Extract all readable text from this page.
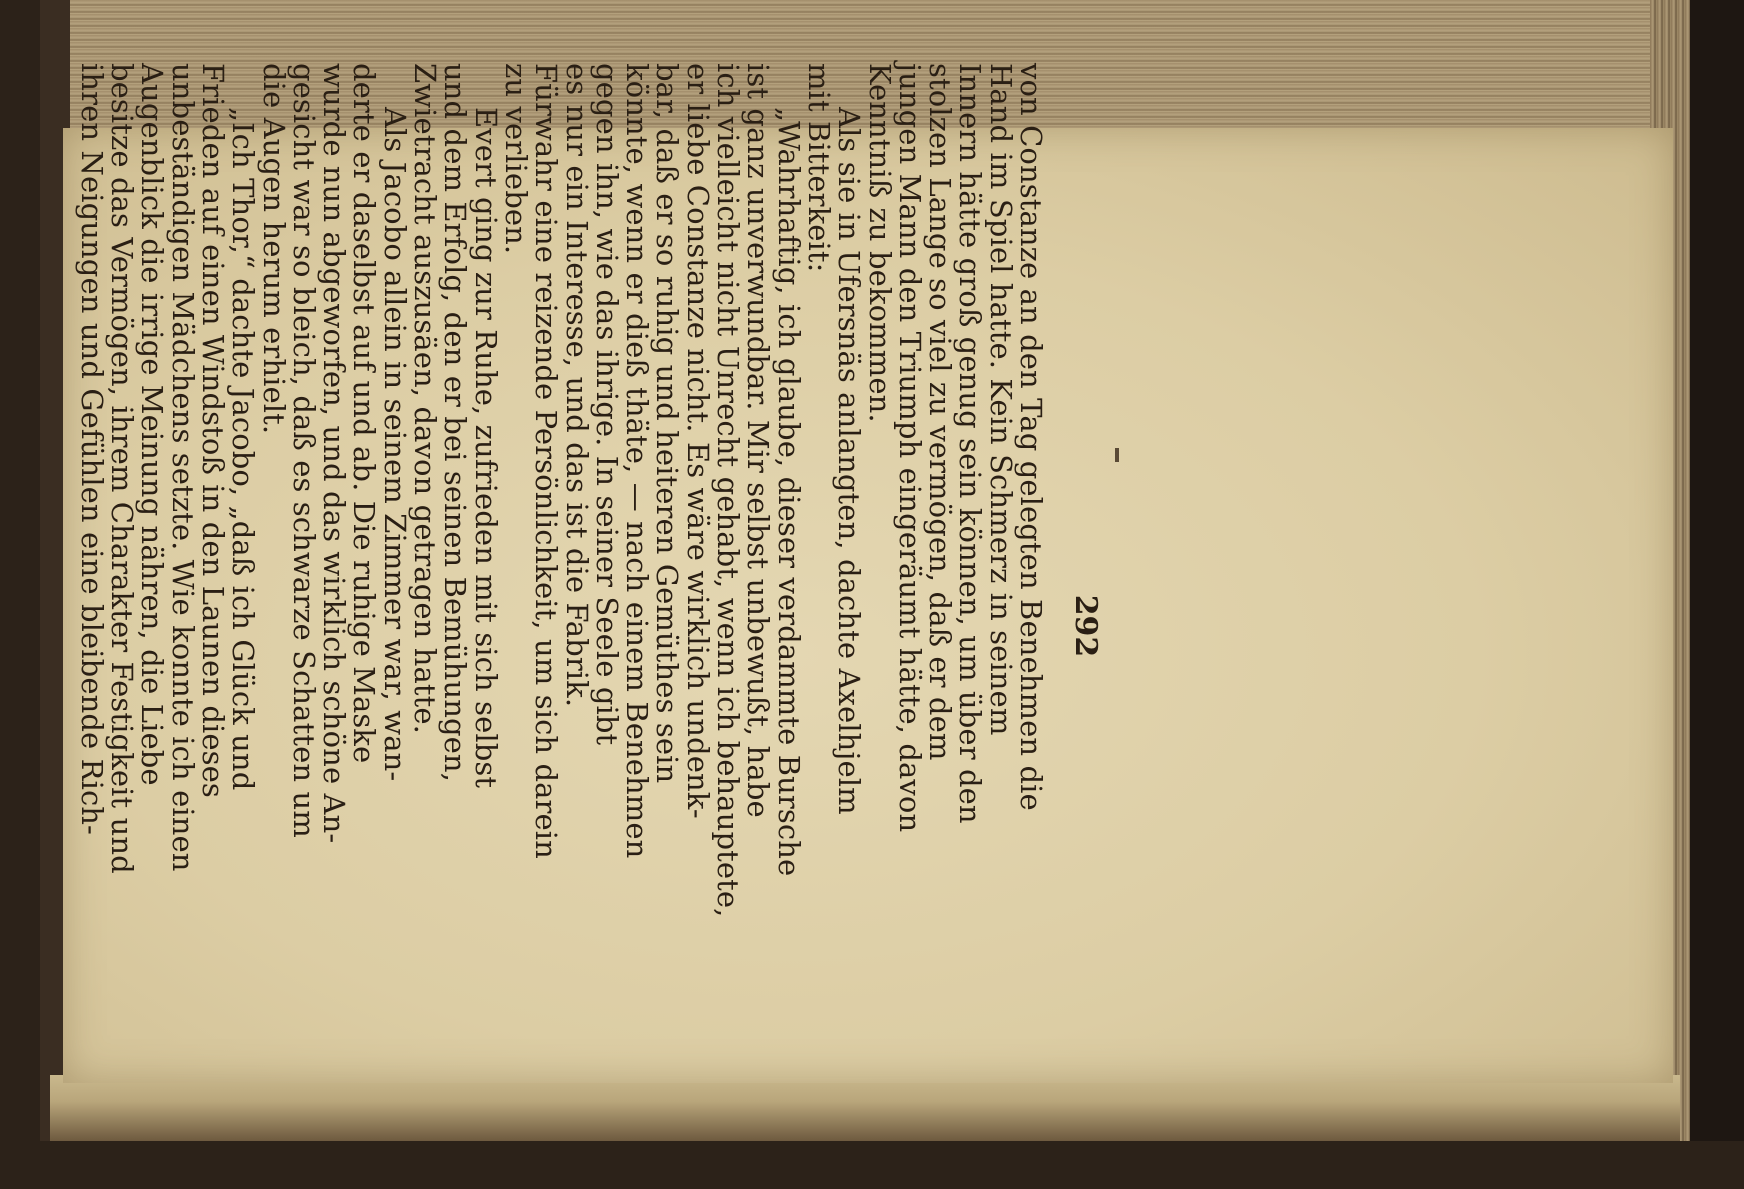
292
von Constanze an den Tag gelegten Benehmen die
Hand im Spiel hatte. Kein Schmerz in seinem
Innern hätte groß genug sein können, um über den
stolzen Lange so viel zu vermögen, daß er dem
jungen Mann den Triumph eingeräumt hätte, davon
Kenntniß zu bekommen.
Als sie in Ufersnäs anlangten, dachte Axelhjelm
mit Bitterkeit:
„Wahrhaftig, ich glaube, dieser verdammte Bursche
ist ganz unverwundbar. Mir selbst unbewußt, habe
ich vielleicht nicht Unrecht gehabt, wenn ich behauptete,
er liebe Constanze nicht. Es wäre wirklich undenk-
bar, daß er so ruhig und heiteren Gemüthes sein
könnte, wenn er dieß thäte, — nach einem Benehmen
gegen ihn, wie das ihrige. In seiner Seele gibt
es nur ein Interesse, und das ist die Fabrik.
Fürwahr eine reizende Persönlichkeit, um sich darein
zu verlieben.
Evert ging zur Ruhe, zufrieden mit sich selbst
und dem Erfolg, den er bei seinen Bemühungen,
Zwietracht auszusäen, davon getragen hatte.
Als Jacobo allein in seinem Zimmer war, wan-
derte er daselbst auf und ab. Die ruhige Maske
wurde nun abgeworfen, und das wirklich schöne An-
gesicht war so bleich, daß es schwarze Schatten um
die Augen herum erhielt.
„Ich Thor,“ dachte Jacobo, „daß ich Glück und
Frieden auf einen Windstoß in den Launen dieses
unbeständigen Mädchens setzte. Wie konnte ich einen
Augenblick die irrige Meinung nähren, die Liebe
besitze das Vermögen, ihrem Charakter Festigkeit und
ihren Neigungen und Gefühlen eine bleibende Rich-
